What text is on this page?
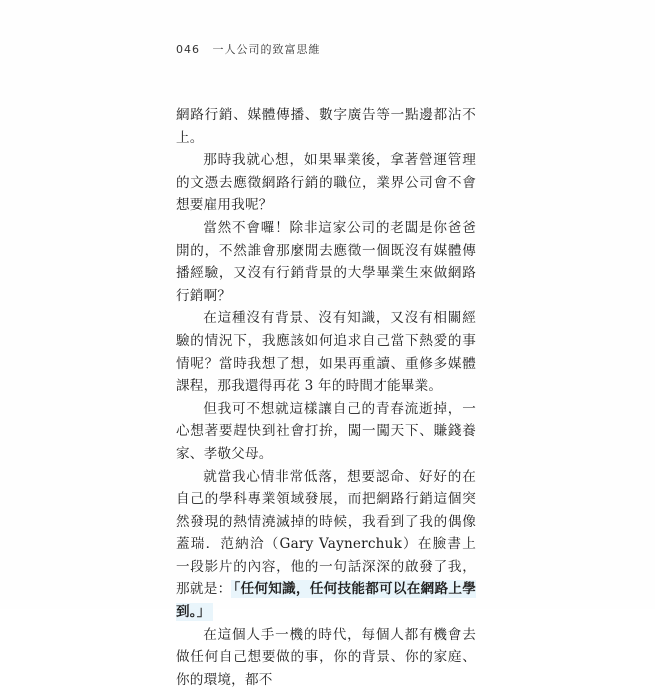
046 一人公司的致富思維

網路行銷、媒體傳播、數字廣告等一點邊都沾不上。

那時我就心想，如果畢業後，拿著營運管理的文憑去應徵網路行銷的職位，業界公司會不會想要雇用我呢？

當然不會囉！除非這家公司的老闆是你爸爸開的，不然誰會那麼閒去應徵一個既沒有媒體傳播經驗，又沒有行銷背景的大學畢業生來做網路行銷啊？

在這種沒有背景、沒有知識，又沒有相關經驗的情況下，我應該如何追求自己當下熱愛的事情呢？當時我想了想，如果再重讀、重修多媒體課程，那我還得再花 3 年的時間才能畢業。

但我可不想就這樣讓自己的青春流逝掉，一心想著要趕快到社會打拚，闖一闖天下、賺錢養家、孝敬父母。

就當我心情非常低落，想要認命、好好的在自己的學科專業領域發展，而把網路行銷這個突然發現的熱情澆滅掉的時候，我看到了我的偶像蓋瑞．范納洽（Gary Vaynerchuk）在臉書上一段影片的內容，他的一句話深深的啟發了我，那就是： 「任何知識，任何技能都可以在網路上學到。」

在這個人手一機的時代，每個人都有機會去做任何自己想要做的事，你的背景、你的家庭、你的環境，都不
